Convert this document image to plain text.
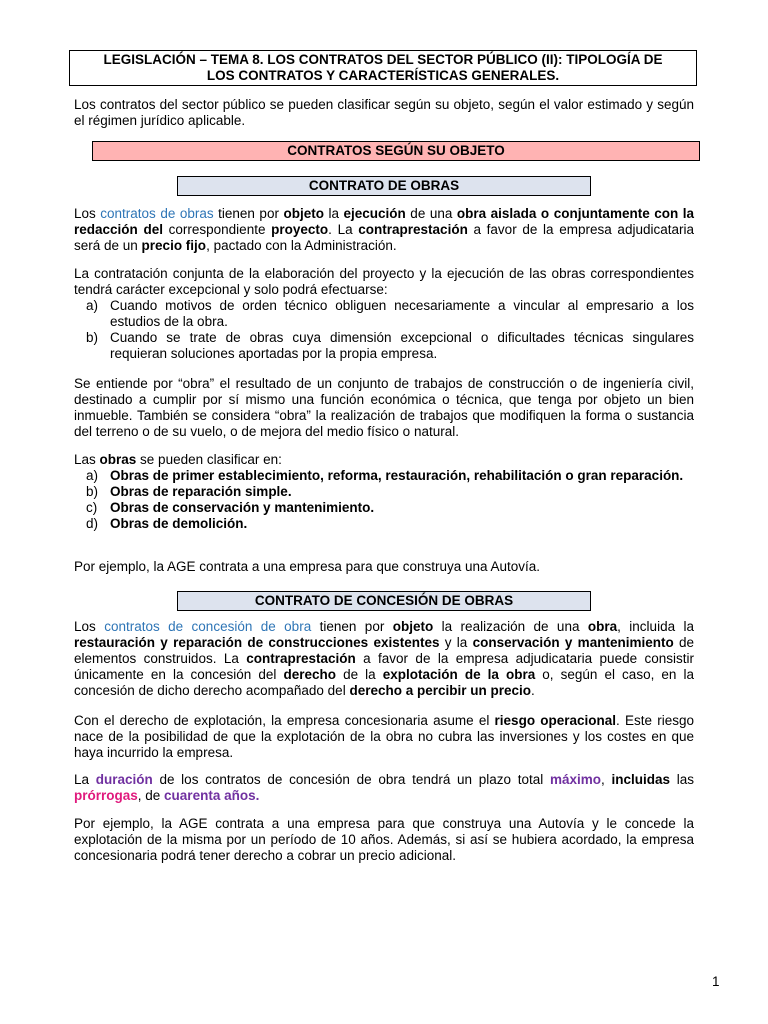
LEGISLACIÓN – TEMA 8. LOS CONTRATOS DEL SECTOR PÚBLICO (II): TIPOLOGÍA DE
LOS CONTRATOS Y CARACTERÍSTICAS GENERALES.
Los contratos del sector público se pueden clasificar según su objeto, según el valor estimado y según el régimen jurídico aplicable.
CONTRATOS SEGÚN SU OBJETO
CONTRATO DE OBRAS
Los contratos de obras tienen por objeto la ejecución de una obra aislada o conjuntamente con la redacción del correspondiente proyecto. La contraprestación a favor de la empresa adjudicataria será de un precio fijo, pactado con la Administración.
La contratación conjunta de la elaboración del proyecto y la ejecución de las obras correspondientes tendrá carácter excepcional y solo podrá efectuarse:
a) Cuando motivos de orden técnico obliguen necesariamente a vincular al empresario a los estudios de la obra.
b) Cuando se trate de obras cuya dimensión excepcional o dificultades técnicas singulares requieran soluciones aportadas por la propia empresa.
Se entiende por “obra” el resultado de un conjunto de trabajos de construcción o de ingeniería civil, destinado a cumplir por sí mismo una función económica o técnica, que tenga por objeto un bien inmueble. También se considera “obra” la realización de trabajos que modifiquen la forma o sustancia del terreno o de su vuelo, o de mejora del medio físico o natural.
Las obras se pueden clasificar en:
a) Obras de primer establecimiento, reforma, restauración, rehabilitación o gran reparación.
b) Obras de reparación simple.
c) Obras de conservación y mantenimiento.
d) Obras de demolición.
Por ejemplo, la AGE contrata a una empresa para que construya una Autovía.
CONTRATO DE CONCESIÓN DE OBRAS
Los contratos de concesión de obra tienen por objeto la realización de una obra, incluida la restauración y reparación de construcciones existentes y la conservación y mantenimiento de elementos construidos. La contraprestación a favor de la empresa adjudicataria puede consistir únicamente en la concesión del derecho de la explotación de la obra o, según el caso, en la concesión de dicho derecho acompañado del derecho a percibir un precio.
Con el derecho de explotación, la empresa concesionaria asume el riesgo operacional. Este riesgo nace de la posibilidad de que la explotación de la obra no cubra las inversiones y los costes en que haya incurrido la empresa.
La duración de los contratos de concesión de obra tendrá un plazo total máximo, incluidas las prórrogas, de cuarenta años.
Por ejemplo, la AGE contrata a una empresa para que construya una Autovía y le concede la explotación de la misma por un período de 10 años. Además, si así se hubiera acordado, la empresa concesionaria podrá tener derecho a cobrar un precio adicional.
1
